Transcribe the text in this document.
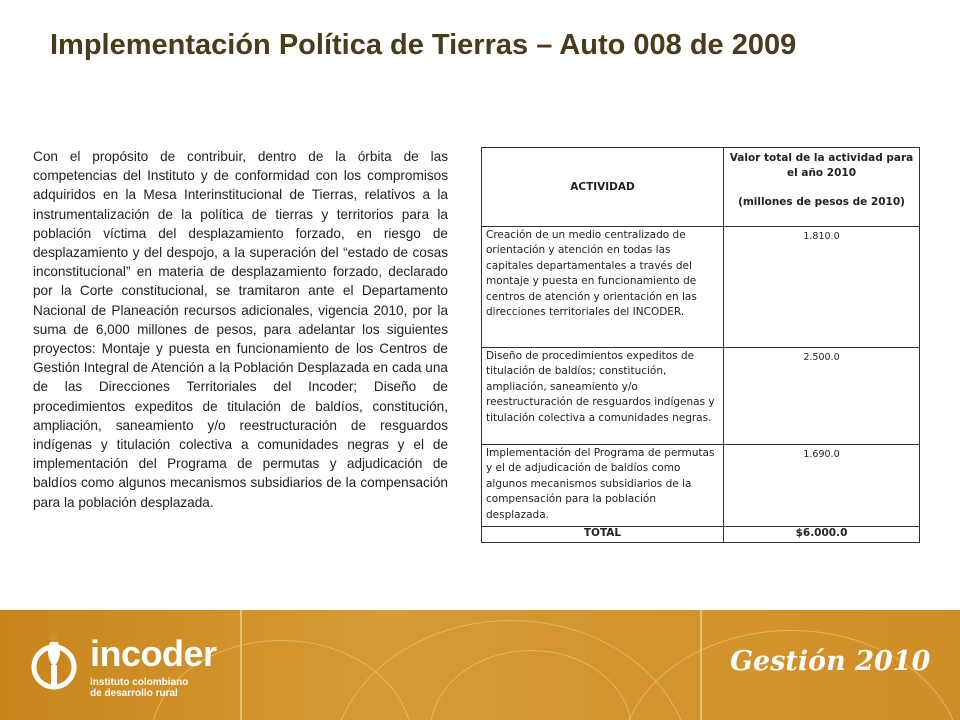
Implementación Política de Tierras – Auto 008 de 2009

Con el propósito de contribuir, dentro de la órbita de las competencias del Instituto y de conformidad con los compromisos adquiridos en la Mesa Interinstitucional de Tierras, relativos a la instrumentalización de la política de tierras y territorios para la población víctima del desplazamiento forzado, en riesgo de desplazamiento y del despojo, a la superación del “estado de cosas inconstitucional” en materia de desplazamiento forzado, declarado por la Corte constitucional, se tramitaron ante el Departamento Nacional de Planeación recursos adicionales, vigencia 2010, por la suma de 6,000 millones de pesos, para adelantar los siguientes proyectos: Montaje y puesta en funcionamiento de los Centros de Gestión Integral de Atención a la Población Desplazada en cada una de las Direcciones Territoriales del Incoder; Diseño de procedimientos expeditos de titulación de baldíos, constitución, ampliación, saneamiento y/o reestructuración de resguardos indígenas y titulación colectiva a comunidades negras y el de implementación del Programa de permutas y adjudicación de baldíos como algunos mecanismos subsidiarios de la compensación para la población desplazada.

ACTIVIDAD	Valor total de la actividad para el año 2010
(millones de pesos de 2010)
Creación de un medio centralizado de orientación y atención en todas las capitales departamentales a través del montaje y puesta en funcionamiento de centros de atención y orientación en las direcciones territoriales del INCODER.	1.810.0
Diseño de procedimientos expeditos de titulación de baldíos; constitución, ampliación, saneamiento y/o reestructuración de resguardos indígenas y titulación colectiva a comunidades negras.	2.500.0
Implementación del Programa de permutas y el de adjudicación de baldíos como algunos mecanismos subsidiarios de la compensación para la población desplazada.	1.690.0
TOTAL	$6.000.0
incoder
instituto colombiano
de desarrollo rural
Gestión 2010
